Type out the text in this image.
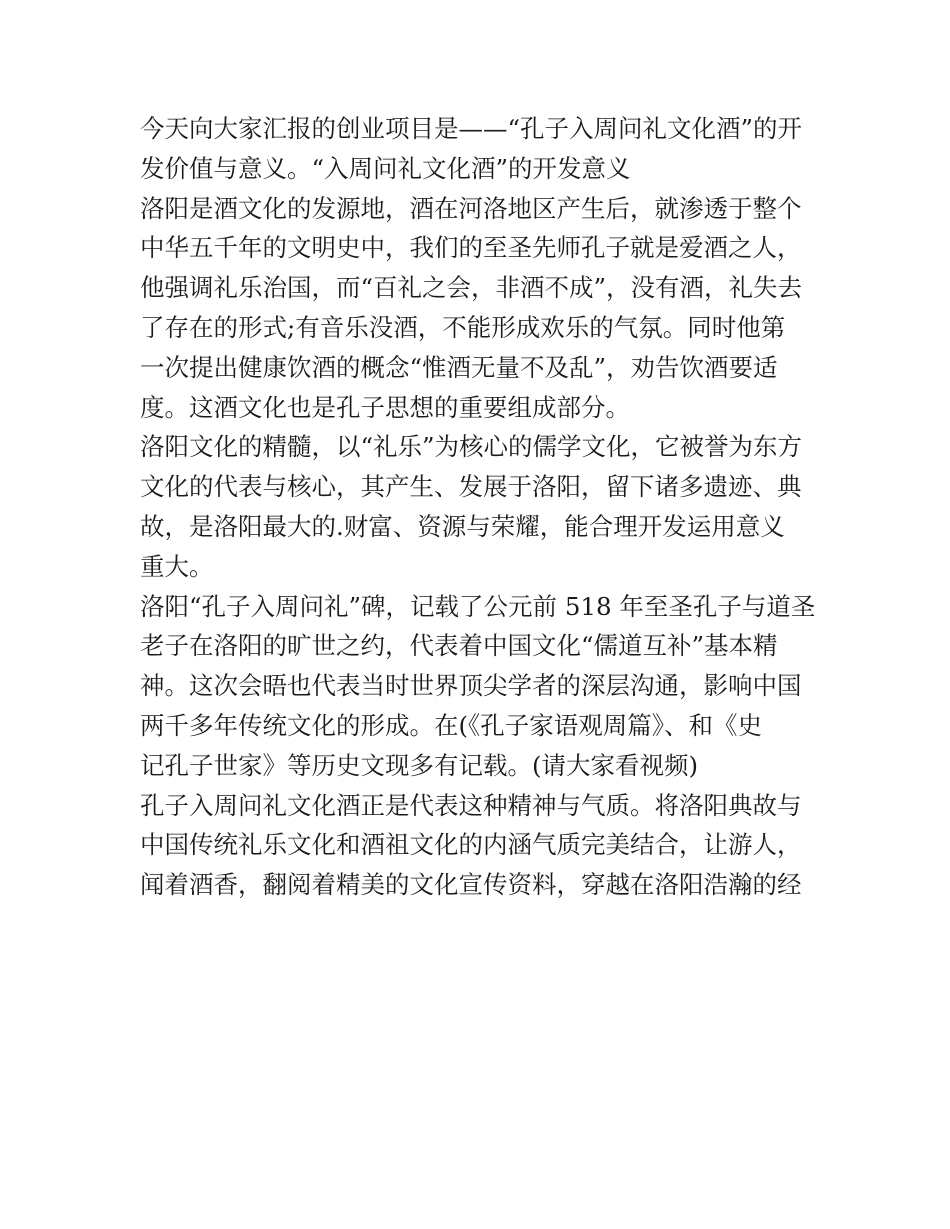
今天向大家汇报的创业项目是——“孔子入周问礼文化酒”的开
发价值与意义。“入周问礼文化酒”的开发意义
洛阳是酒文化的发源地，酒在河洛地区产生后，就渗透于整个
中华五千年的文明史中，我们的至圣先师孔子就是爱酒之人，
他强调礼乐治国，而“百礼之会，非酒不成”，没有酒，礼失去
了存在的形式;有音乐没酒，不能形成欢乐的气氛。同时他第
一次提出健康饮酒的概念“惟酒无量不及乱”，劝告饮酒要适
度。这酒文化也是孔子思想的重要组成部分。
洛阳文化的精髓，以“礼乐”为核心的儒学文化，它被誉为东方
文化的代表与核心，其产生、发展于洛阳，留下诸多遗迹、典
故，是洛阳最大的.财富、资源与荣耀，能合理开发运用意义
重大。
洛阳“孔子入周问礼”碑，记载了公元前 518 年至圣孔子与道圣
老子在洛阳的旷世之约，代表着中国文化“儒道互补”基本精
神。这次会晤也代表当时世界顶尖学者的深层沟通，影响中国
两千多年传统文化的形成。在(《孔子家语观周篇》、和《史
记孔子世家》等历史文现多有记载。(请大家看视频)
孔子入周问礼文化酒正是代表这种精神与气质。将洛阳典故与
中国传统礼乐文化和酒祖文化的内涵气质完美结合，让游人，
闻着酒香，翻阅着精美的文化宣传资料，穿越在洛阳浩瀚的经
